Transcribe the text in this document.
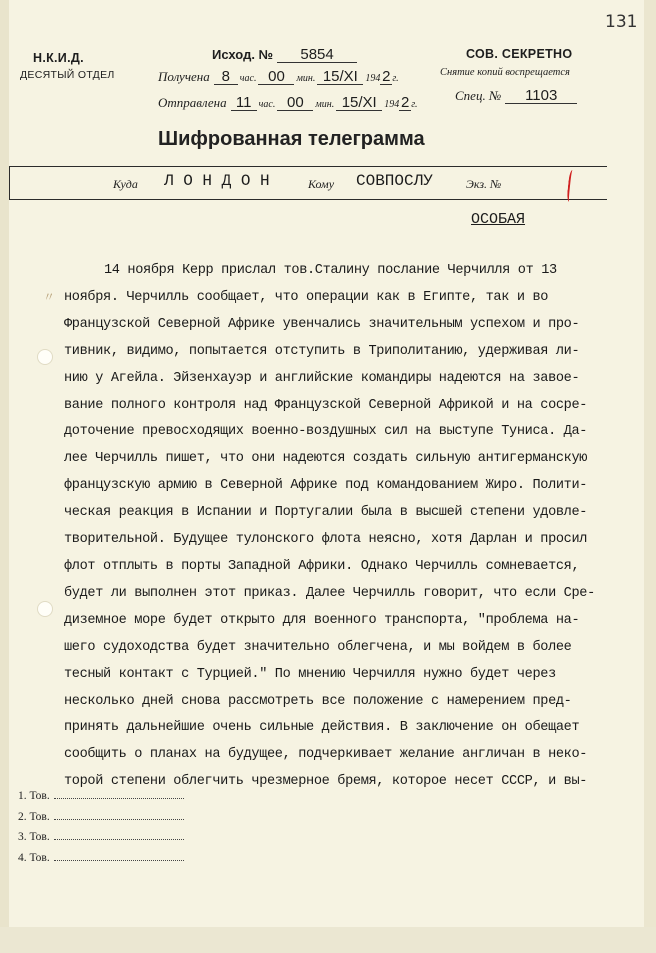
〃
131
Н.К.И.Д.
ДЕСЯТЫЙ ОТДЕЛ
Исход. №	5854
Получена 8 час. 00	мин. 15/XI 194 2 г.
Отправлена 11 час. 00	мин. 15/XI 194 2 г.
СОВ. СЕКРЕТНО
Снятие копий воспрещается
Спец. №	1103
Шифрованная телеграмма
Куда Л О Н Д О Н	Кому СОВПОСЛУ	Экз. №
ОСОБАЯ
14 ноября Керр прислал тов.Сталину послание Черчилля от 13
ноября. Черчилль сообщает, что операции как в Египте, так и во
Французской Северной Африке увенчались значительным успехом и про-
тивник, видимо, попытается отступить в Триполитанию, удерживая ли-
нию у Агейла. Эйзенхауэр и английские командиры надеются на завое-
вание полного контроля над Французской Северной Африкой и на сосре-
доточение превосходящих военно-воздушных сил на выступе Туниса. Да-
лее Черчилль пишет, что они надеются создать сильную антигерманскую
французскую армию в Северной Африке под командованием Жиро. Полити-
ческая реакция в Испании и Португалии была в высшей степени удовле-
творительной. Будущее тулонского флота неясно, хотя Дарлан и просил
флот отплыть в порты Западной Африки. Однако Черчилль сомневается,
будет ли выполнен этот приказ. Далее Черчилль говорит, что если Сре-
диземное море будет открыто для военного транспорта, "проблема на-
шего судоходства будет значительно облегчена, и мы войдем в более
тесный контакт с Турцией." По мнению Черчилля нужно будет через
несколько дней снова рассмотреть все положение с намерением пред-
принять дальнейшие очень сильные действия. В заключение он обещает
сообщить о планах на будущее, подчеркивает желание англичан в неко-
торой степени облегчить чрезмерное бремя, которое несет СССР, и вы-
1. Тов.
2. Тов.
3. Тов.
4. Тов.
